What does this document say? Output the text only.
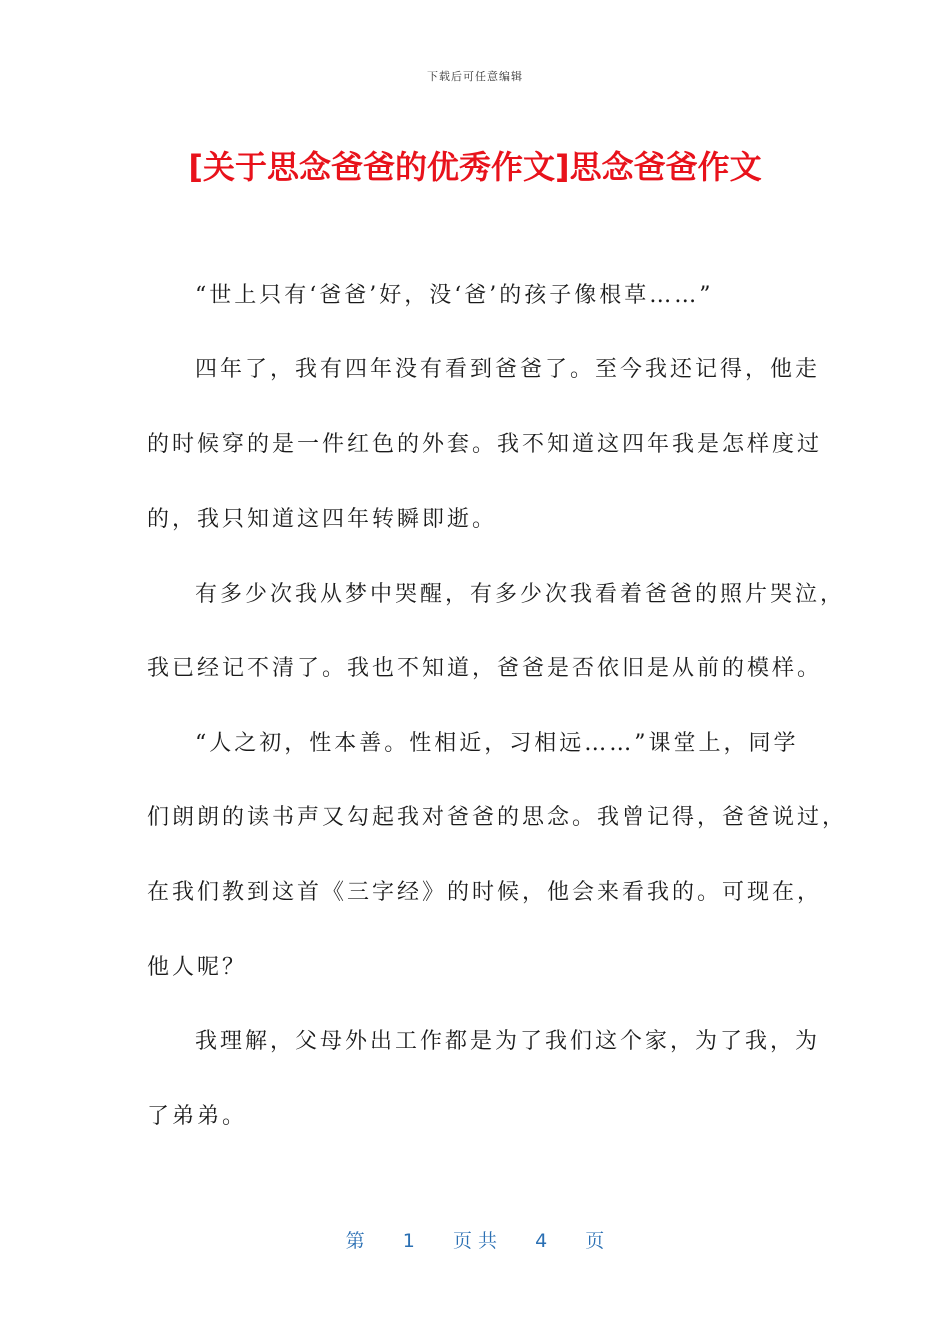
下载后可任意编辑
[关于思念爸爸的优秀作文]思念爸爸作文
“世上只有‘爸爸’好，没‘爸’的孩子像根草……”
四年了，我有四年没有看到爸爸了。至今我还记得，他走
的时候穿的是一件红色的外套。我不知道这四年我是怎样度过
的，我只知道这四年转瞬即逝。
有多少次我从梦中哭醒，有多少次我看着爸爸的照片哭泣，
我已经记不清了。我也不知道，爸爸是否依旧是从前的模样。
“人之初，性本善。性相近，习相远……”课堂上，同学
们朗朗的读书声又勾起我对爸爸的思念。我曾记得，爸爸说过，
在我们教到这首《三字经》的时候，他会来看我的。可现在，
他人呢？
我理解，父母外出工作都是为了我们这个家，为了我，为
了弟弟。
第 1 页 共 4 页
